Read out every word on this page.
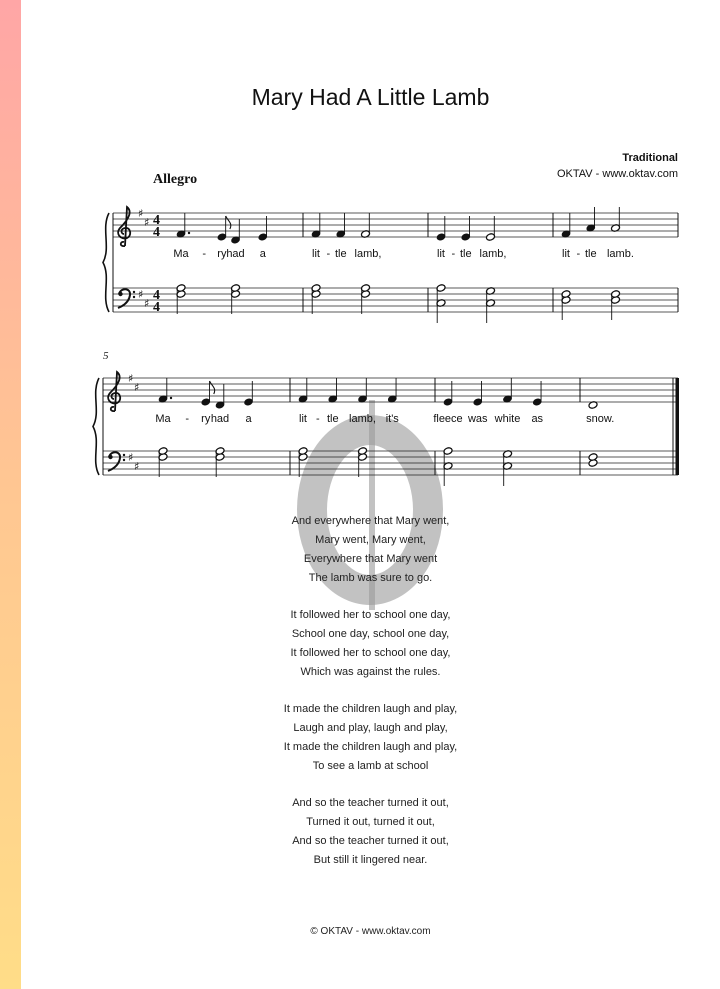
Mary Had A Little Lamb
Traditional
OKTAV - www.oktav.com
Allegro
5
♯
♯
♯
♯
4
4
4
4
Ma - ry had a	lit - tle lamb,	lit - tle lamb,	lit - tle lamb.
♯
♯
♯
♯
Ma - ry had a	lit - tle lamb, it's	fleece was white as	snow.
And everywhere that Mary went,
Mary went, Mary went,
Everywhere that Mary went
The lamb was sure to go.
It followed her to school one day,
School one day, school one day,
It followed her to school one day,
Which was against the rules.
It made the children laugh and play,
Laugh and play, laugh and play,
It made the children laugh and play,
To see a lamb at school
And so the teacher turned it out,
Turned it out, turned it out,
And so the teacher turned it out,
But still it lingered near.
© OKTAV - www.oktav.com
